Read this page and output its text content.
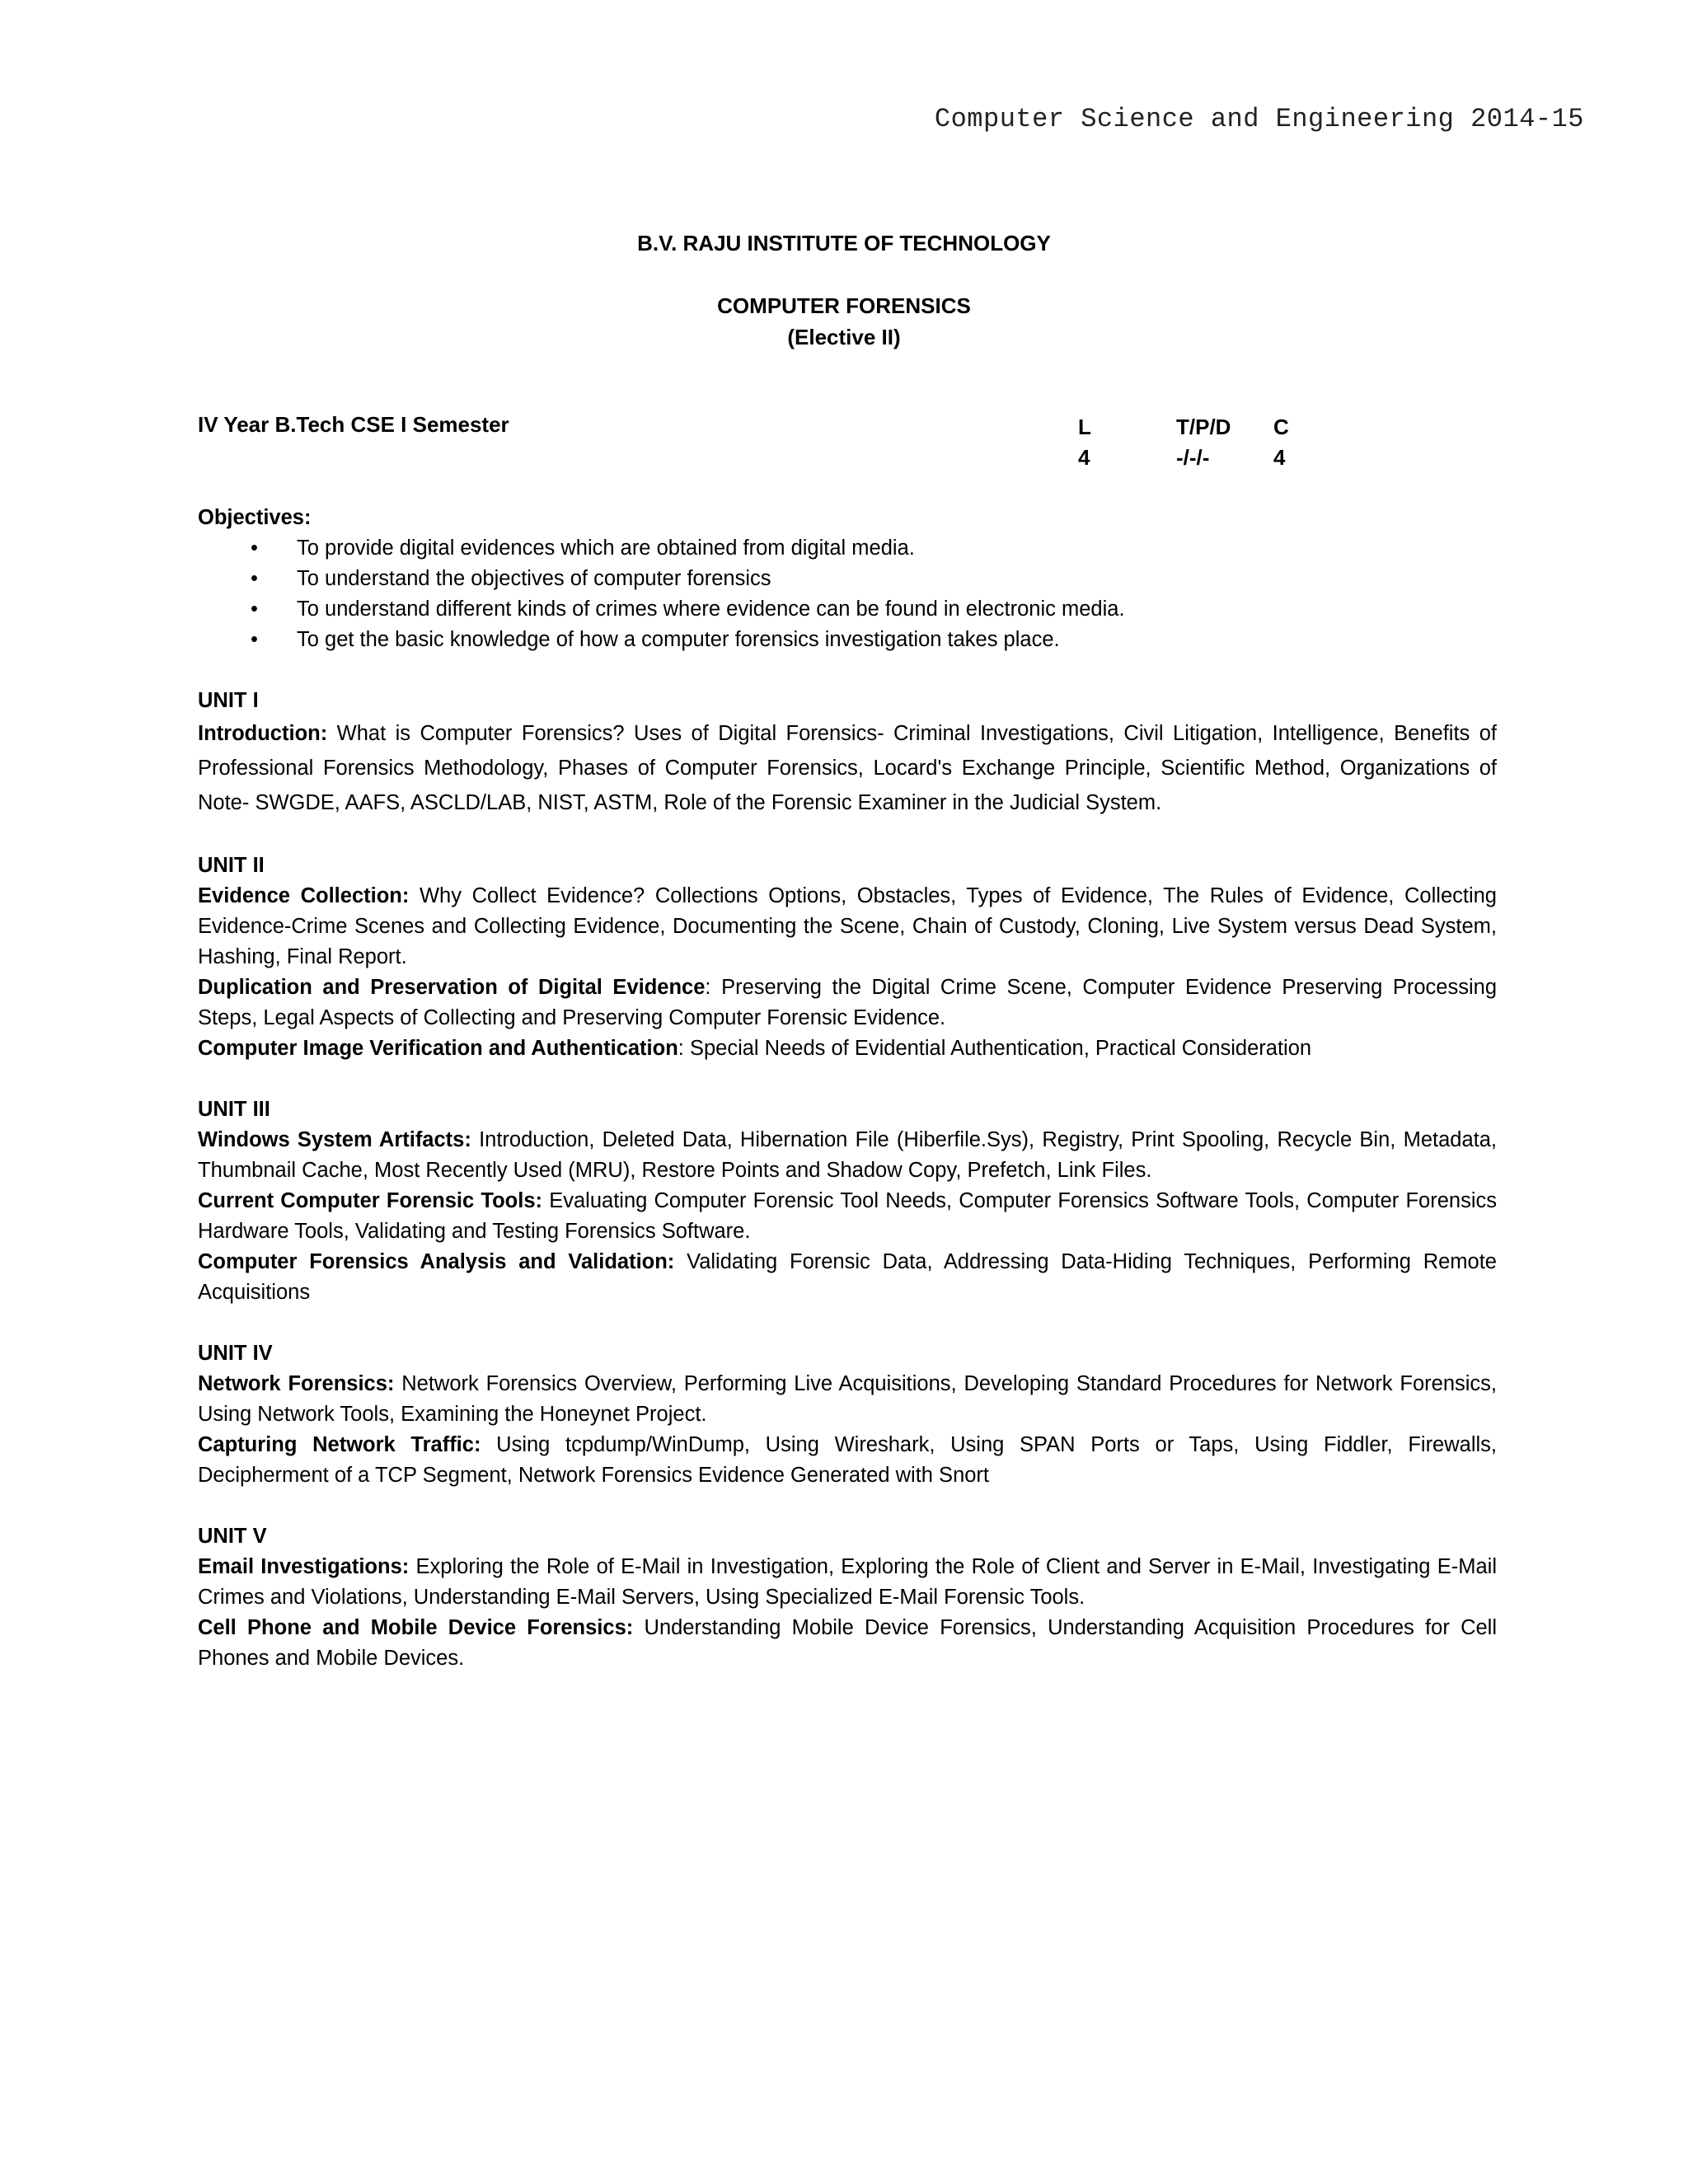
Computer Science and Engineering 2014-15
B.V. RAJU INSTITUTE OF TECHNOLOGY
COMPUTER FORENSICS
(Elective II)
IV Year B.Tech CSE I Semester	L
4
T/P/D
-/-/-
C
4
Objectives:
• To provide digital evidences which are obtained from digital media.
• To understand the objectives of computer forensics
• To understand different kinds of crimes where evidence can be found in electronic media.
• To get the basic knowledge of how a computer forensics investigation takes place.
UNIT I

Introduction: What is Computer Forensics? Uses of Digital Forensics- Criminal Investigations, Civil Litigation, Intelligence, Benefits of Professional Forensics Methodology, Phases of Computer Forensics, Locard's Exchange Principle, Scientific Method, Organizations of Note- SWGDE, AAFS, ASCLD/LAB, NIST, ASTM, Role of the Forensic Examiner in the Judicial System.

UNIT II

Evidence Collection: Why Collect Evidence? Collections Options, Obstacles, Types of Evidence, The Rules of Evidence, Collecting Evidence-Crime Scenes and Collecting Evidence, Documenting the Scene, Chain of Custody, Cloning, Live System versus Dead System, Hashing, Final Report.

Duplication and Preservation of Digital Evidence: Preserving the Digital Crime Scene, Computer Evidence Preserving Processing Steps, Legal Aspects of Collecting and Preserving Computer Forensic Evidence.

Computer Image Verification and Authentication: Special Needs of Evidential Authentication, Practical Consideration

UNIT III

Windows System Artifacts: Introduction, Deleted Data, Hibernation File (Hiberfile.Sys), Registry, Print Spooling, Recycle Bin, Metadata, Thumbnail Cache, Most Recently Used (MRU), Restore Points and Shadow Copy, Prefetch, Link Files.

Current Computer Forensic Tools: Evaluating Computer Forensic Tool Needs, Computer Forensics Software Tools, Computer Forensics Hardware Tools, Validating and Testing Forensics Software.

Computer Forensics Analysis and Validation: Validating Forensic Data, Addressing Data-Hiding Techniques, Performing Remote Acquisitions

UNIT IV

Network Forensics: Network Forensics Overview, Performing Live Acquisitions, Developing Standard Procedures for Network Forensics, Using Network Tools, Examining the Honeynet Project.

Capturing Network Traffic: Using tcpdump/WinDump, Using Wireshark, Using SPAN Ports or Taps, Using Fiddler, Firewalls, Decipherment of a TCP Segment, Network Forensics Evidence Generated with Snort

UNIT V

Email Investigations: Exploring the Role of E-Mail in Investigation, Exploring the Role of Client and Server in E-Mail, Investigating E-Mail Crimes and Violations, Understanding E-Mail Servers, Using Specialized E-Mail Forensic Tools.

Cell Phone and Mobile Device Forensics: Understanding Mobile Device Forensics, Understanding Acquisition Procedures for Cell Phones and Mobile Devices.
